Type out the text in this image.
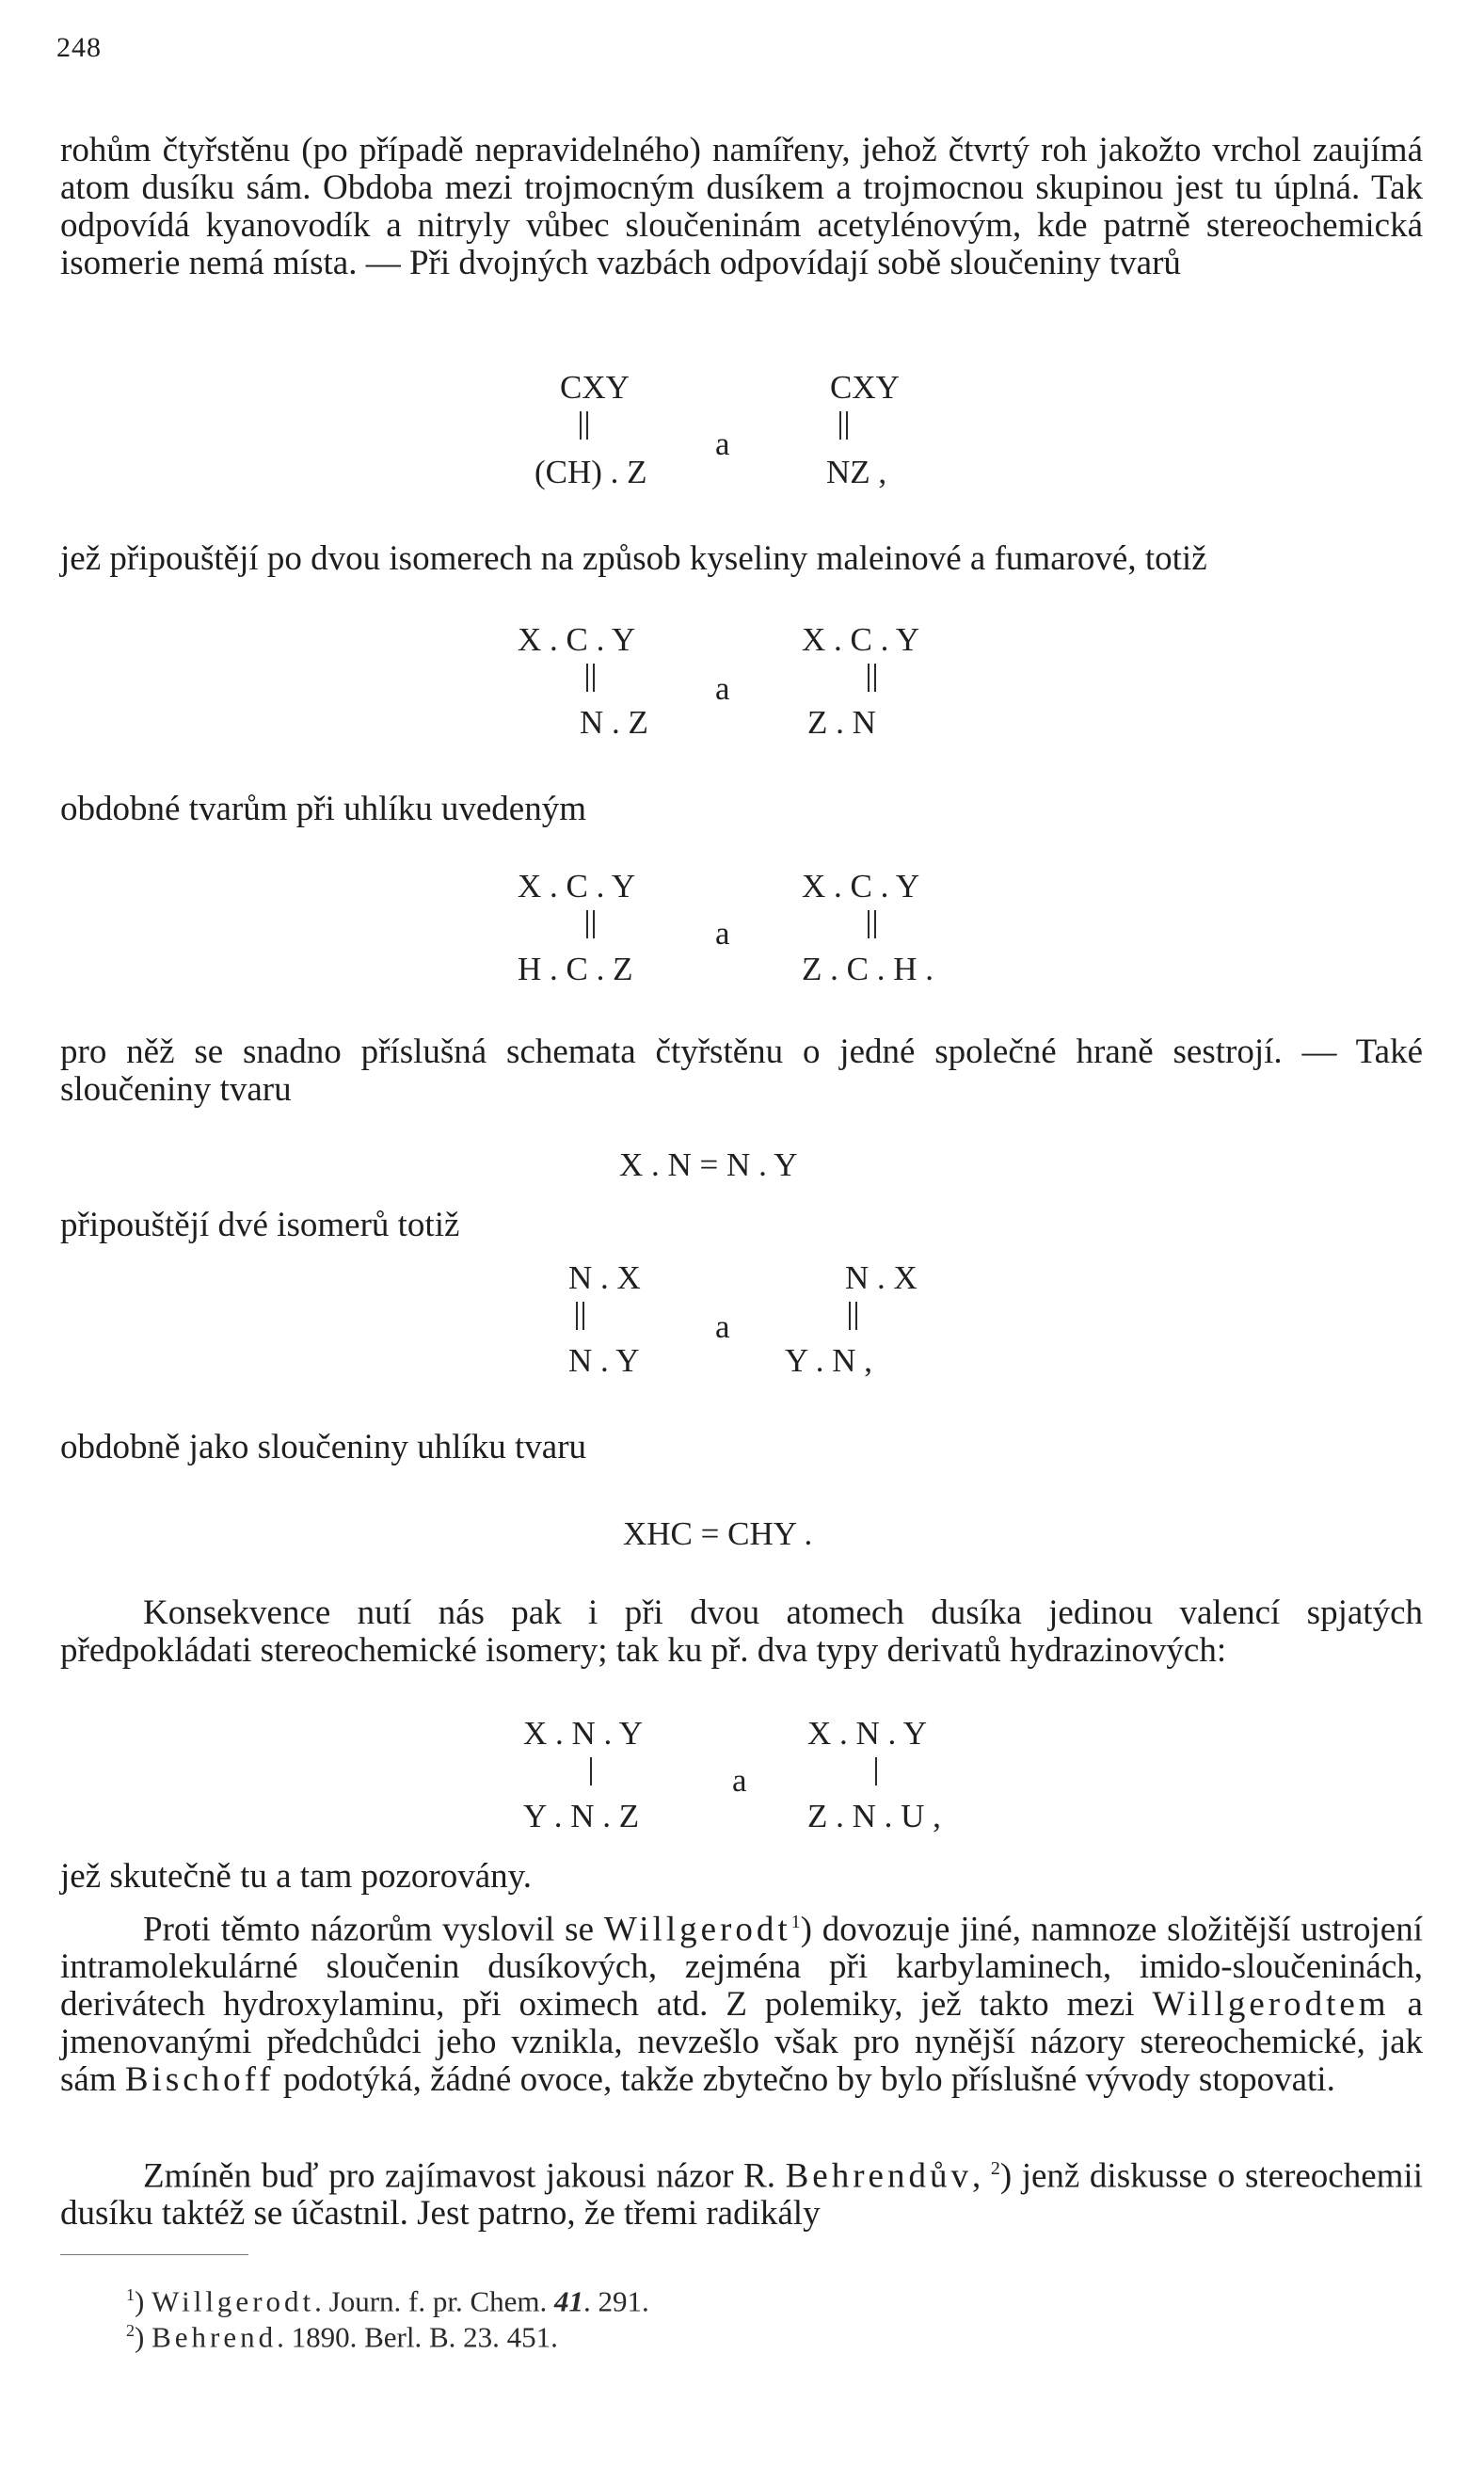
248
rohům čtyřstěnu (po případě nepravidelného) namířeny, jehož čtvrtý roh jakožto vrchol zaujímá atom dusíku sám. Obdoba mezi trojmocným dusíkem a trojmocnou skupinou jest tu úplná. Tak odpovídá kyanovodík a nitryly vůbec sloučeninám acetylénovým, kde patrně stereochemická isomerie nemá místa. — Při dvojných vazbách odpovídají sobě sloučeniny tvarů
CXY
(CH) . Z
a
CXY
NZ ,
jež připouštějí po dvou isomerech na způsob kyseliny maleinové a fumarové, totiž
X . C . Y
N . Z
a
X . C . Y
Z . N
obdobné tvarům při uhlíku uvedeným
X . C . Y
H . C . Z
a
X . C . Y
Z . C . H .
pro něž se snadno příslušná schemata čtyřstěnu o jedné společné hraně sestrojí. — Také sloučeniny tvaru
X . N = N . Y
připouštějí dvé isomerů totiž
N . X
N . Y
a
N . X
Y . N ,
obdobně jako sloučeniny uhlíku tvaru
XHC = CHY .
Konsekvence nutí nás pak i při dvou atomech dusíka jedinou valencí spjatých předpokládati stereochemické isomery; tak ku př. dva typy derivatů hydrazinových:
X . N . Y
Y . N . Z
a
X . N . Y
Z . N . U ,
jež skutečně tu a tam pozorovány.
Proti těmto názorům vyslovil se Willgerodt$^1$) dovozuje jiné, namnoze složitější ustrojení intramolekulárné sloučenin dusíkových, zejména při karbylaminech, imido-sloučeninách, derivátech hydroxylaminu, při oximech atd. Z polemiky, jež takto mezi Willgerodtem a jmenovanými předchůdci jeho vznikla, nevzešlo však pro nynější názory stereochemické, jak sám Bischoff podotýká, žádné ovoce, takže zbytečno by bylo příslušné vývody stopovati.
Zmíněn buď pro zajímavost jakousi názor R. Behrendův, $^2$) jenž diskusse o stereochemii dusíku taktéž se účastnil. Jest patrno, že třemi radikály
$^1$) Willgerodt. Journ. f. pr. Chem. 41. 291.
$^2$) Behrend. 1890. Berl. B. 23. 451.
